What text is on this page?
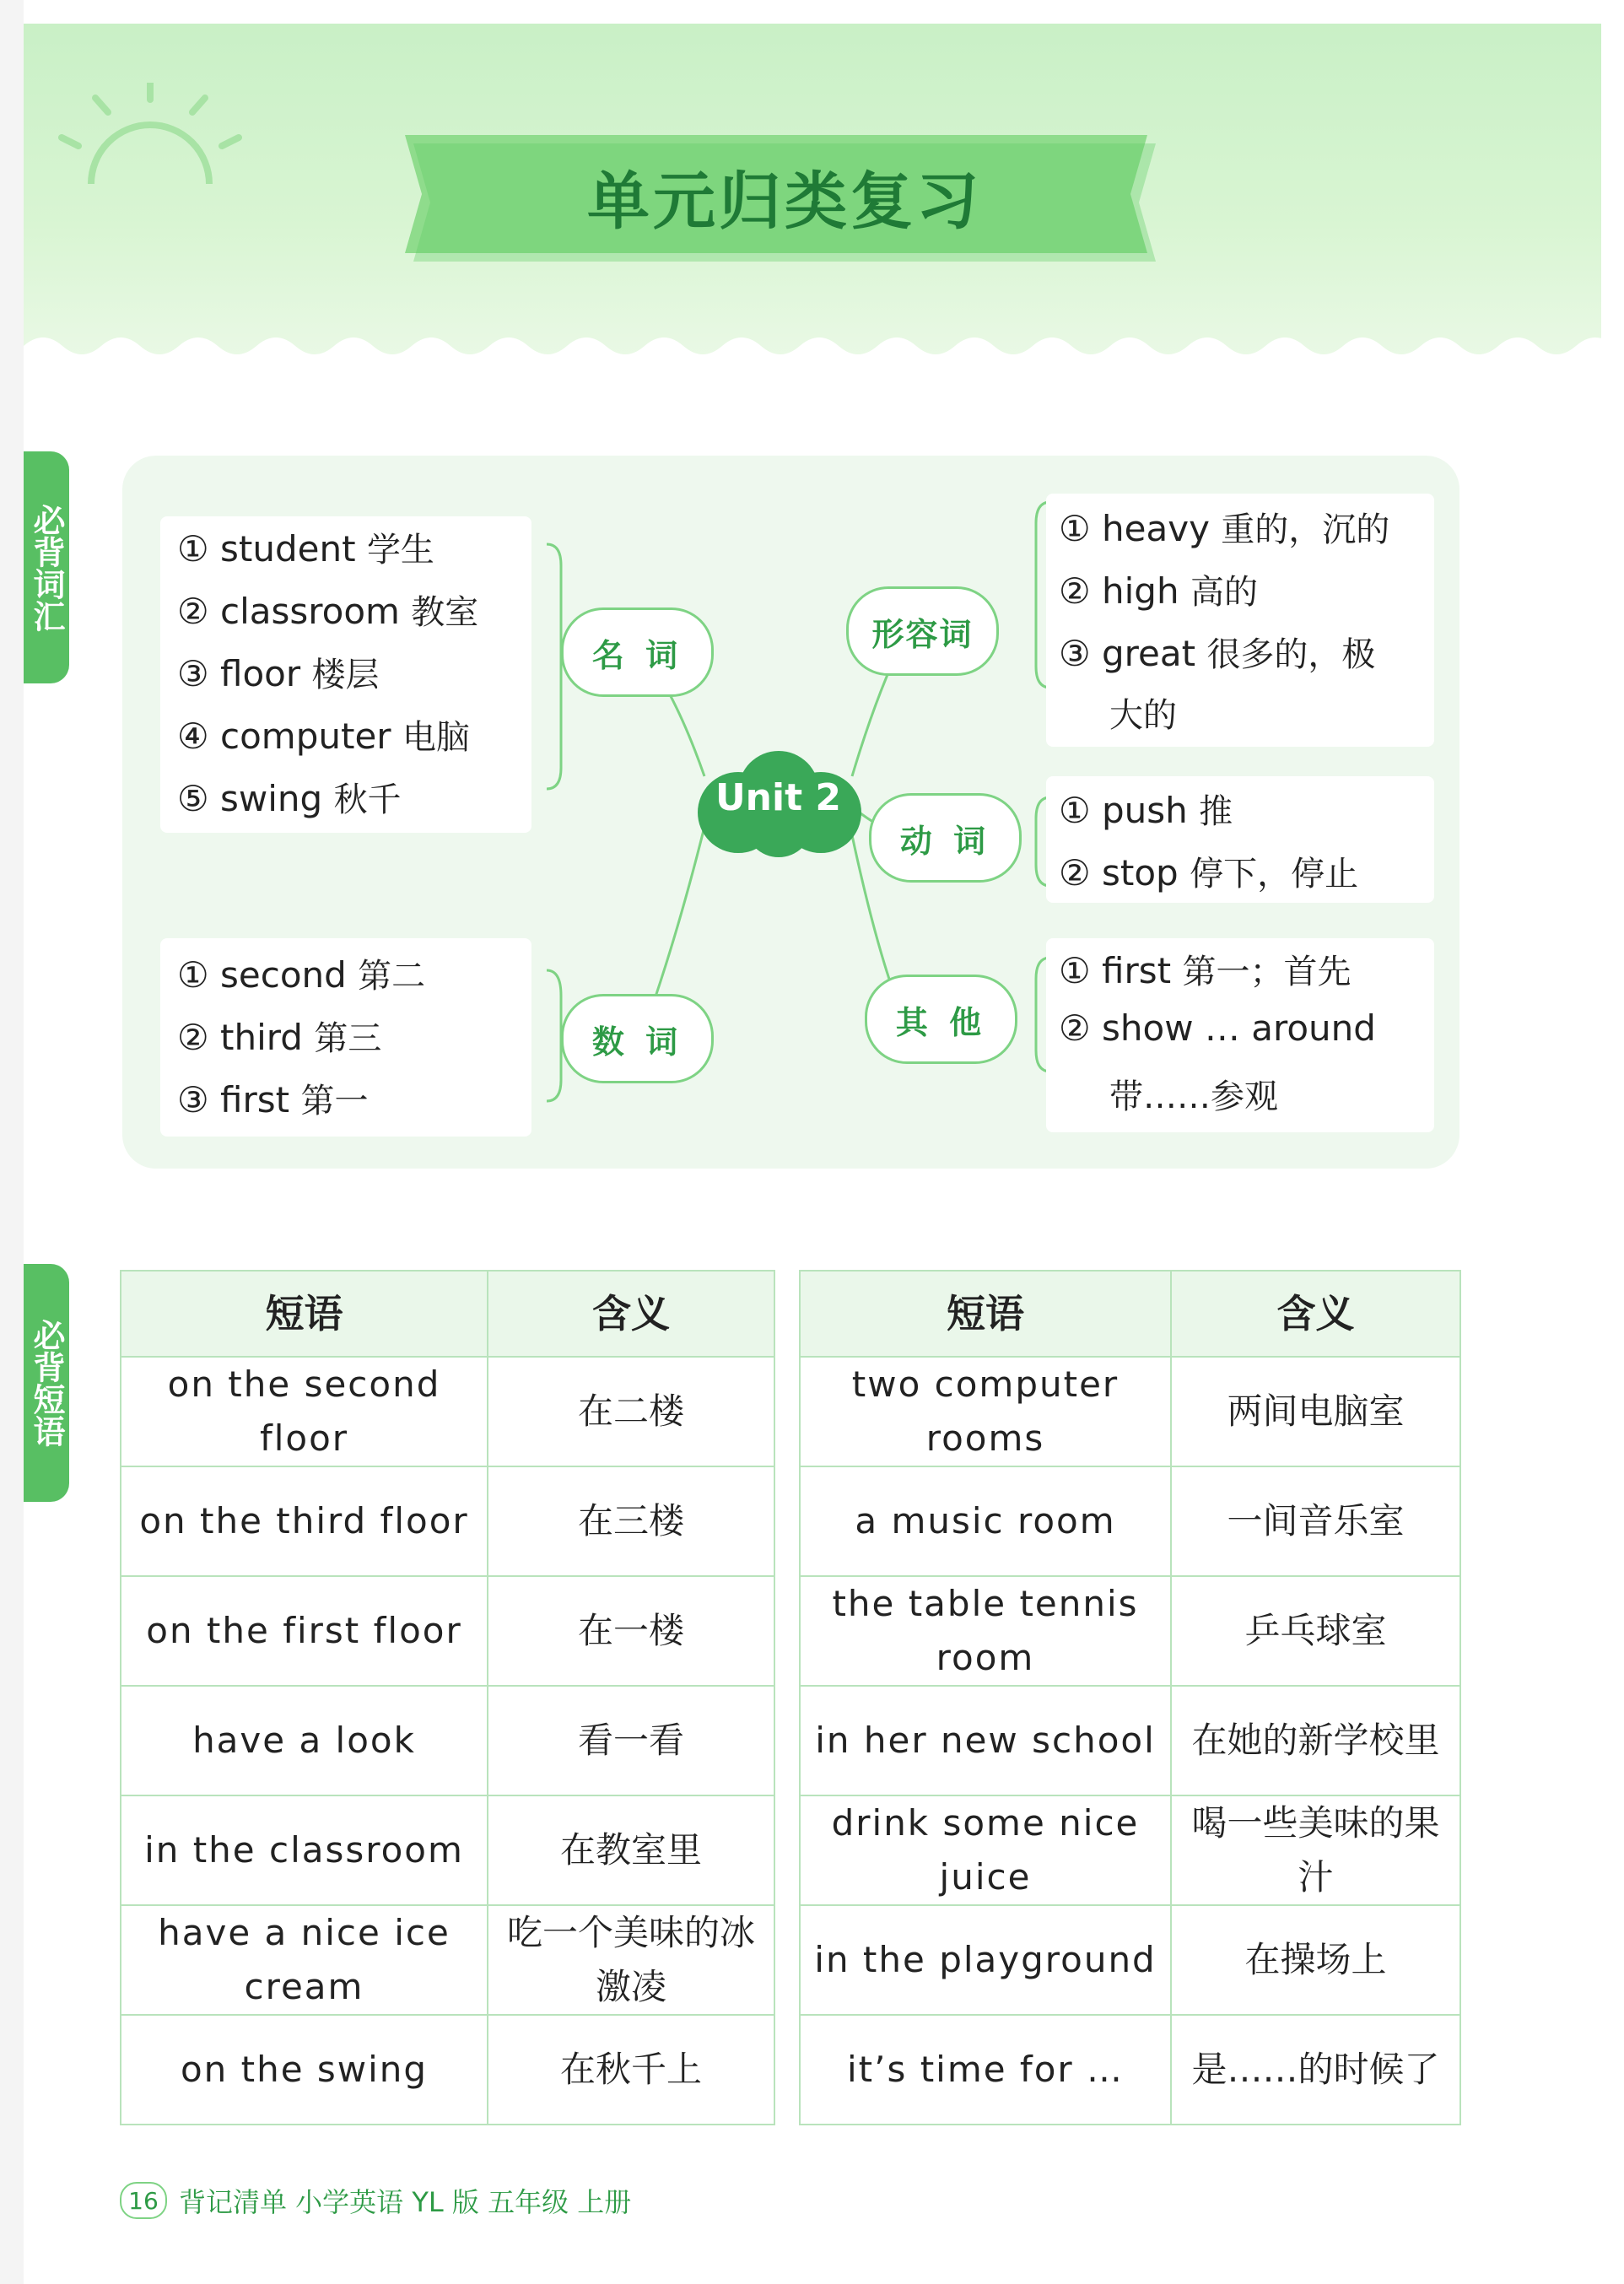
单元归类复习
必背词汇	① student 学生
② classroom 教室
③ floor 楼层
④ computer 电脑
⑤ swing 秋千
名 词
① second 第二
② third 第三
③ first 第一
数 词
Unit 2
形容词
① heavy 重的，沉的
② high 高的
③ great 很多的，极
大的
动 词
① push 推
② stop 停下，停止
其 他
① first 第一；首先
② show … around
带……参观
必背短语
短语	含义		短语	含义
on the second floor	在二楼		two computer rooms	两间电脑室
on the third floor	在三楼		a music room	一间音乐室
on the first floor	在一楼		the table tennis room	乒乓球室
have a look	看一看		in her new school	在她的新学校里
in the classroom	在教室里		drink some nice juice	喝一些美味的果汁
have a nice ice cream	吃一个美味的冰激凌		in the playground	在操场上
on the swing	在秋千上		it’s time for …	是……的时候了
16 背记清单 小学英语 YL 版 五年级 上册
